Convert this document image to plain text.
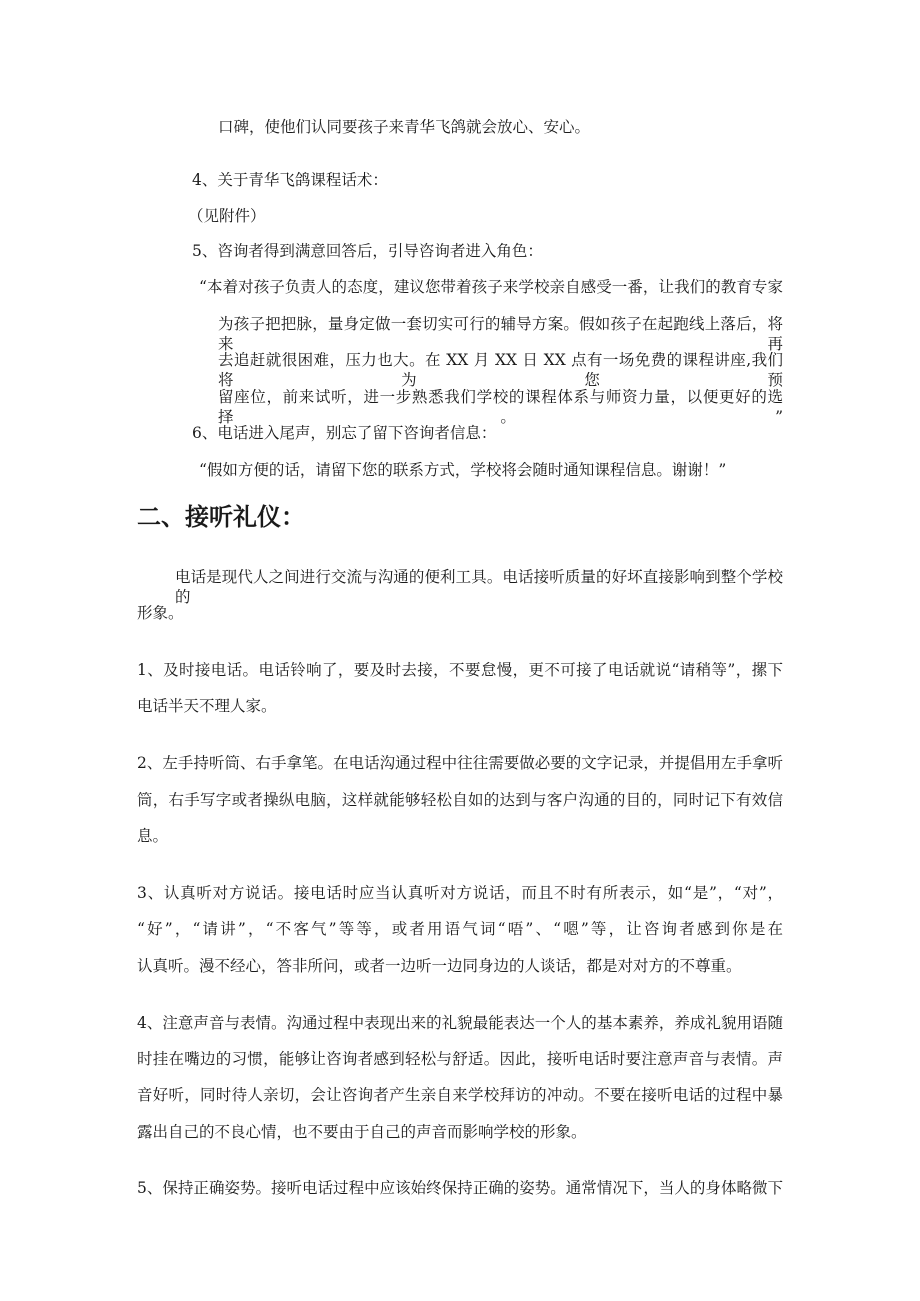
口碑，使他们认同要孩子来青华飞鸽就会放心、安心。

4、关于青华飞鸽课程话术：

（见附件）

5、咨询者得到满意回答后，引导咨询者进入角色：

“本着对孩子负责人的态度，建议您带着孩子来学校亲自感受一番，让我们的教育专家

为孩子把把脉，量身定做一套切实可行的辅导方案。假如孩子在起跑线上落后，将来再

去追赶就很困难，压力也大。在 XX 月 XX 日 XX 点有一场免费的课程讲座,我们将为您预

留座位，前来试听，进一步熟悉我们学校的课程体系与师资力量，以便更好的选择。”

6、电话进入尾声，别忘了留下咨询者信息：

“假如方便的话，请留下您的联系方式，学校将会随时通知课程信息。谢谢！”

二、接听礼仪：

电话是现代人之间进行交流与沟通的便利工具。电话接听质量的好坏直接影响到整个学校的

形象。

1、及时接电话。电话铃响了，要及时去接，不要怠慢，更不可接了电话就说“请稍等”，摞下

电话半天不理人家。

2、左手持听筒、右手拿笔。在电话沟通过程中往往需要做必要的文字记录，并提倡用左手拿听

筒，右手写字或者操纵电脑，这样就能够轻松自如的达到与客户沟通的目的，同时记下有效信

息。

3、认真听对方说话。接电话时应当认真听对方说话，而且不时有所表示，如“是”，“对”，

“好”，“请讲”，“不客气”等等，或者用语气词“唔”、“嗯”等，让咨询者感到你是在

认真听。漫不经心，答非所问，或者一边听一边同身边的人谈话，都是对对方的不尊重。

4、注意声音与表情。沟通过程中表现出来的礼貌最能表达一个人的基本素养，养成礼貌用语随

时挂在嘴边的习惯，能够让咨询者感到轻松与舒适。因此，接听电话时要注意声音与表情。声

音好听，同时待人亲切，会让咨询者产生亲自来学校拜访的冲动。不要在接听电话的过程中暴

露出自己的不良心情，也不要由于自己的声音而影响学校的形象。

5、保持正确姿势。接听电话过程中应该始终保持正确的姿势。通常情况下，当人的身体略微下
